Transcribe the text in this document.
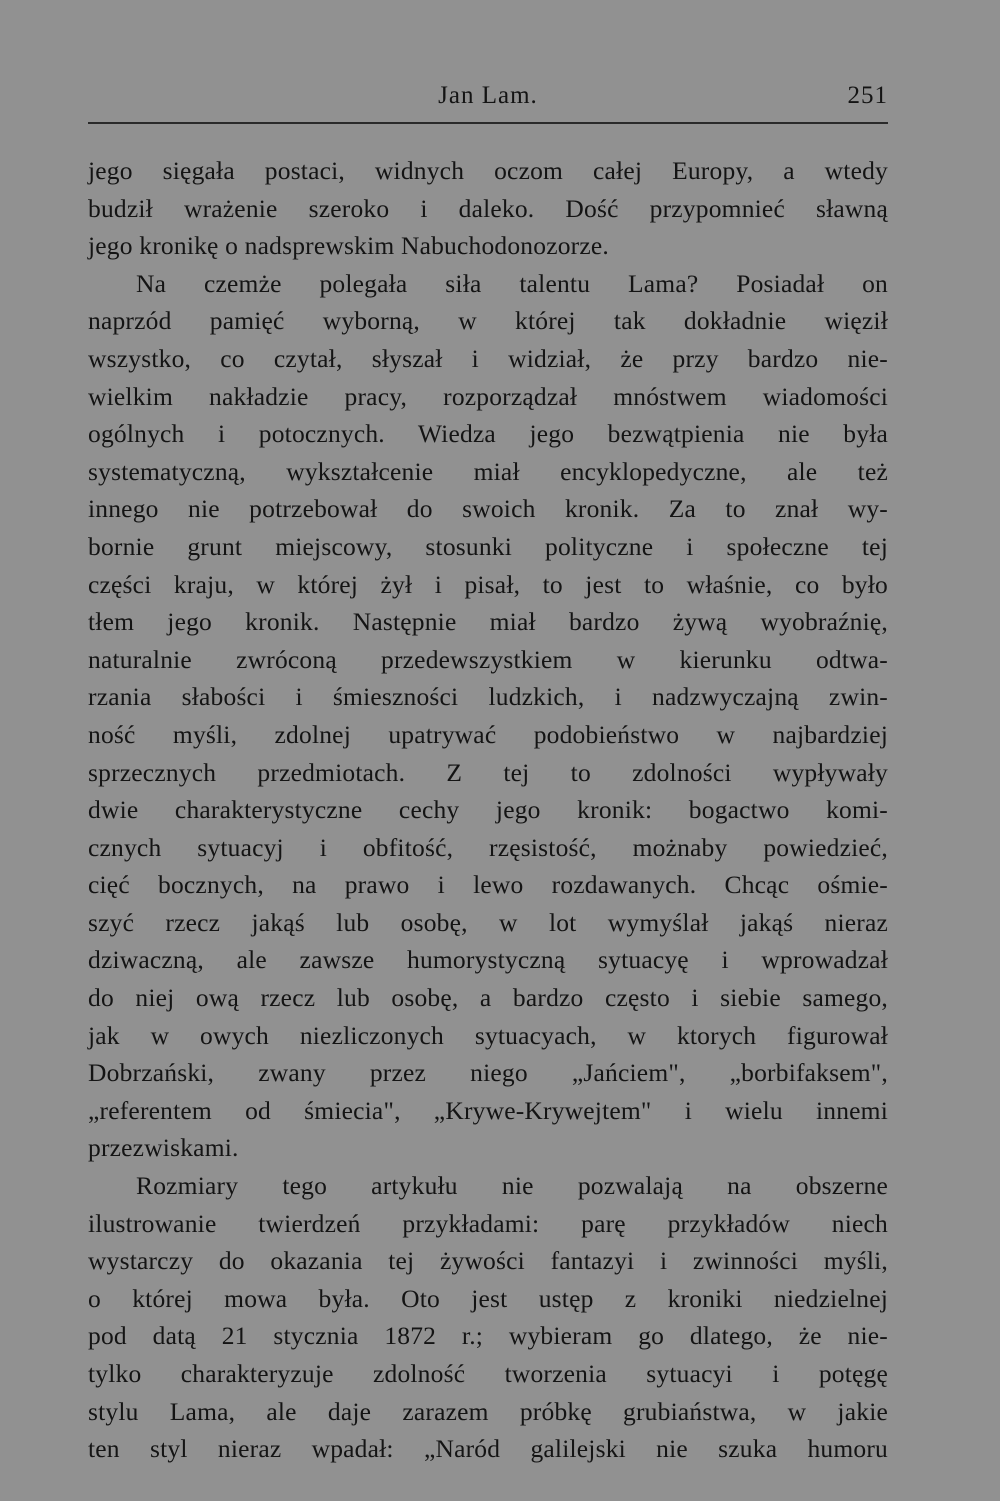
Jan Lam.	251
jego sięgała postaci, widnych oczom całej Europy, a wtedy
budził wrażenie szeroko i daleko. Dość przypomnieć sławną
jego kronikę o nadsprewskim Nabuchodonozorze.
Na czemże polegała siła talentu Lama? Posiadał on
naprzód pamięć wyborną, w której tak dokładnie więził
wszystko, co czytał, słyszał i widział, że przy bardzo nie-
wielkim nakładzie pracy, rozporządzał mnóstwem wiadomości
ogólnych i potocznych. Wiedza jego bezwątpienia nie była
systematyczną, wykształcenie miał encyklopedyczne, ale też
innego nie potrzebował do swoich kronik. Za to znał wy-
bornie grunt miejscowy, stosunki polityczne i społeczne tej
części kraju, w której żył i pisał, to jest to właśnie, co było
tłem jego kronik. Następnie miał bardzo żywą wyobraźnię,
naturalnie zwróconą przedewszystkiem w kierunku odtwa-
rzania słabości i śmieszności ludzkich, i nadzwyczajną zwin-
ność myśli, zdolnej upatrywać podobieństwo w najbardziej
sprzecznych przedmiotach. Z tej to zdolności wypływały
dwie charakterystyczne cechy jego kronik: bogactwo komi-
cznych sytuacyj i obfitość, rzęsistość, możnaby powiedzieć,
cięć bocznych, na prawo i lewo rozdawanych. Chcąc ośmie-
szyć rzecz jakąś lub osobę, w lot wymyślał jakąś nieraz
dziwaczną, ale zawsze humorystyczną sytuacyę i wprowadzał
do niej ową rzecz lub osobę, a bardzo często i siebie samego,
jak w owych niezliczonych sytuacyach, w ktorych figurował
Dobrzański, zwany przez niego „Jańciem", „borbifaksem",
„referentem od śmiecia", „Krywe-Krywejtem" i wielu innemi
przezwiskami.
Rozmiary tego artykułu nie pozwalają na obszerne
ilustrowanie twierdzeń przykładami: parę przykładów niech
wystarczy do okazania tej żywości fantazyi i zwinności myśli,
o której mowa była. Oto jest ustęp z kroniki niedzielnej
pod datą 21 stycznia 1872 r.; wybieram go dlatego, że nie-
tylko charakteryzuje zdolność tworzenia sytuacyi i potęgę
stylu Lama, ale daje zarazem próbkę grubiaństwa, w jakie
ten styl nieraz wpadał: „Naród galilejski nie szuka humoru
